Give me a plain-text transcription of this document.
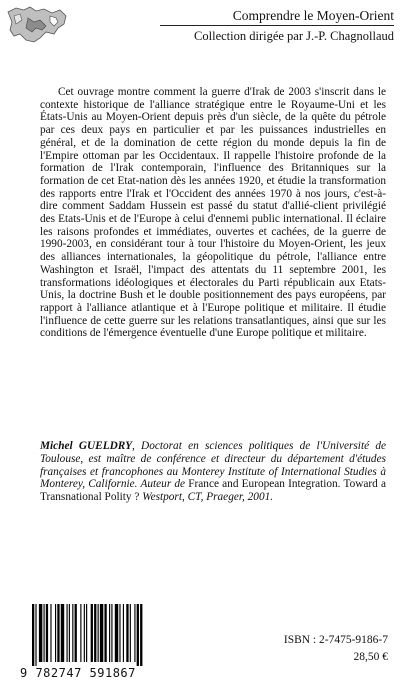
Comprendre le Moyen-Orient
Collection dirigée par J.-P. Chagnollaud

Cet ouvrage montre comment la guerre d'Irak de 2003 s'inscrit dans le contexte historique de l'alliance stratégique entre le Royaume-Uni et les États-Unis au Moyen-Orient depuis près d'un siècle, de la quête du pétrole par ces deux pays en particulier et par les puissances industrielles en général, et de la domination de cette région du monde depuis la fin de l'Empire ottoman par les Occidentaux. Il rappelle l'histoire profonde de la formation de l'Irak contemporain, l'influence des Britanniques sur la formation de cet Etat-nation dès les années 1920, et étudie la transformation des rapports entre l'Irak et l'Occident des années 1970 à nos jours, c'est-à-dire comment Saddam Hussein est passé du statut d'allié-client privilégié des Etats-Unis et de l'Europe à celui d'ennemi public international. Il éclaire les raisons profondes et immédiates, ouvertes et cachées, de la guerre de 1990-2003, en considérant tour à tour l'histoire du Moyen-Orient, les jeux des alliances internationales, la géopolitique du pétrole, l'alliance entre Washington et Israël, l'impact des attentats du 11 septembre 2001, les transformations idéologiques et électorales du Parti républicain aux Etats-Unis, la doctrine Bush et le double positionnement des pays européens, par rapport à l'alliance atlantique et à l'Europe politique et militaire. Il étudie l'influence de cette guerre sur les relations transatlantiques, ainsi que sur les conditions de l'émergence éventuelle d'une Europe politique et militaire.

Michel GUELDRY, Doctorat en sciences politiques de l'Université de Toulouse, est maître de conférence et directeur du département d'études françaises et francophones au Monterey Institute of International Studies à Monterey, Californie. Auteur de France and European Integration. Toward a Transnational Polity ? Westport, CT, Praeger, 2001.

9 782747 591867
ISBN : 2-7475-9186-7
28,50 €
